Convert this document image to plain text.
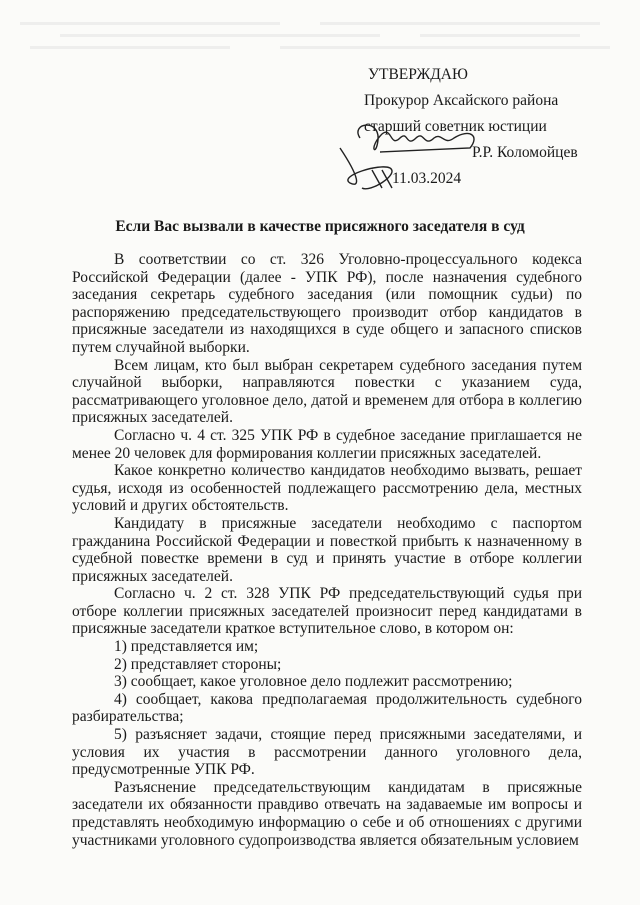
УТВЕРЖДАЮ
Прокурор Аксайского района
старший советник юстиции
Р.Р. Коломойцев
11.03.2024
Если Вас вызвали в качестве присяжного заседателя в суд

В соответствии со ст. 326 Уголовно-процессуального кодекса Российской Федерации (далее - УПК РФ), после назначения судебного заседания секретарь судебного заседания (или помощник судьи) по распоряжению председательствующего производит отбор кандидатов в присяжные заседатели из находящихся в суде общего и запасного списков путем случайной выборки.

Всем лицам, кто был выбран секретарем судебного заседания путем случайной выборки, направляются повестки с указанием суда, рассматривающего уголовное дело, датой и временем для отбора в коллегию присяжных заседателей.

Согласно ч. 4 ст. 325 УПК РФ в судебное заседание приглашается не менее 20 человек для формирования коллегии присяжных заседателей.

Какое конкретно количество кандидатов необходимо вызвать, решает судья, исходя из особенностей подлежащего рассмотрению дела, местных условий и других обстоятельств.

Кандидату в присяжные заседатели необходимо с паспортом гражданина Российской Федерации и повесткой прибыть к назначенному в судебной повестке времени в суд и принять участие в отборе коллегии присяжных заседателей.

Согласно ч. 2 ст. 328 УПК РФ председательствующий судья при отборе коллегии присяжных заседателей произносит перед кандидатами в присяжные заседатели краткое вступительное слово, в котором он:

1) представляется им;

2) представляет стороны;

3) сообщает, какое уголовное дело подлежит рассмотрению;

4) сообщает, какова предполагаемая продолжительность судебного разбирательства;

5) разъясняет задачи, стоящие перед присяжными заседателями, и условия их участия в рассмотрении данного уголовного дела, предусмотренные УПК РФ.

Разъяснение председательствующим кандидатам в присяжные заседатели их обязанности правдиво отвечать на задаваемые им вопросы и представлять необходимую информацию о себе и об отношениях с другими участниками уголовного судопроизводства является обязательным условием
